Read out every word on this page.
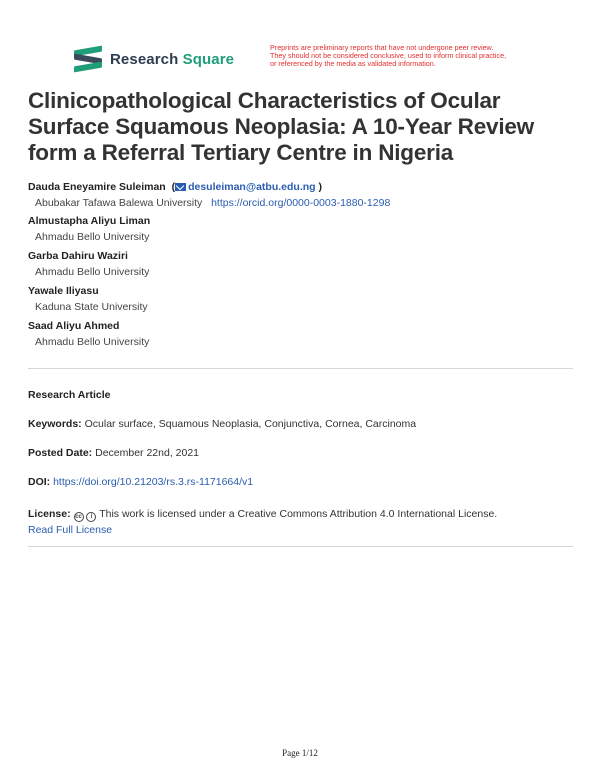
Research Square
Preprints are preliminary reports that have not undergone peer review.
They should not be considered conclusive, used to inform clinical practice,
or referenced by the media as validated information.
Clinicopathological Characteristics of Ocular
Surface Squamous Neoplasia: A 10-Year Review
form a Referral Tertiary Centre in Nigeria
Dauda Eneyamire Suleiman  ( desuleiman@atbu.edu.ng )
Abubakar Tafawa Balewa University https://orcid.org/0000-0003-1880-1298
Almustapha Aliyu Liman
Ahmadu Bello University
Garba Dahiru Waziri
Ahmadu Bello University
Yawale Iliyasu
Kaduna State University
Saad Aliyu Ahmed
Ahmadu Bello University
Research Article
Keywords: Ocular surface, Squamous Neoplasia, Conjunctiva, Cornea, Carcinoma
Posted Date: December 22nd, 2021
DOI: https://doi.org/10.21203/rs.3.rs-1171664/v1
License: cc i This work is licensed under a Creative Commons Attribution 4.0 International License.
Read Full License
Page 1/12
